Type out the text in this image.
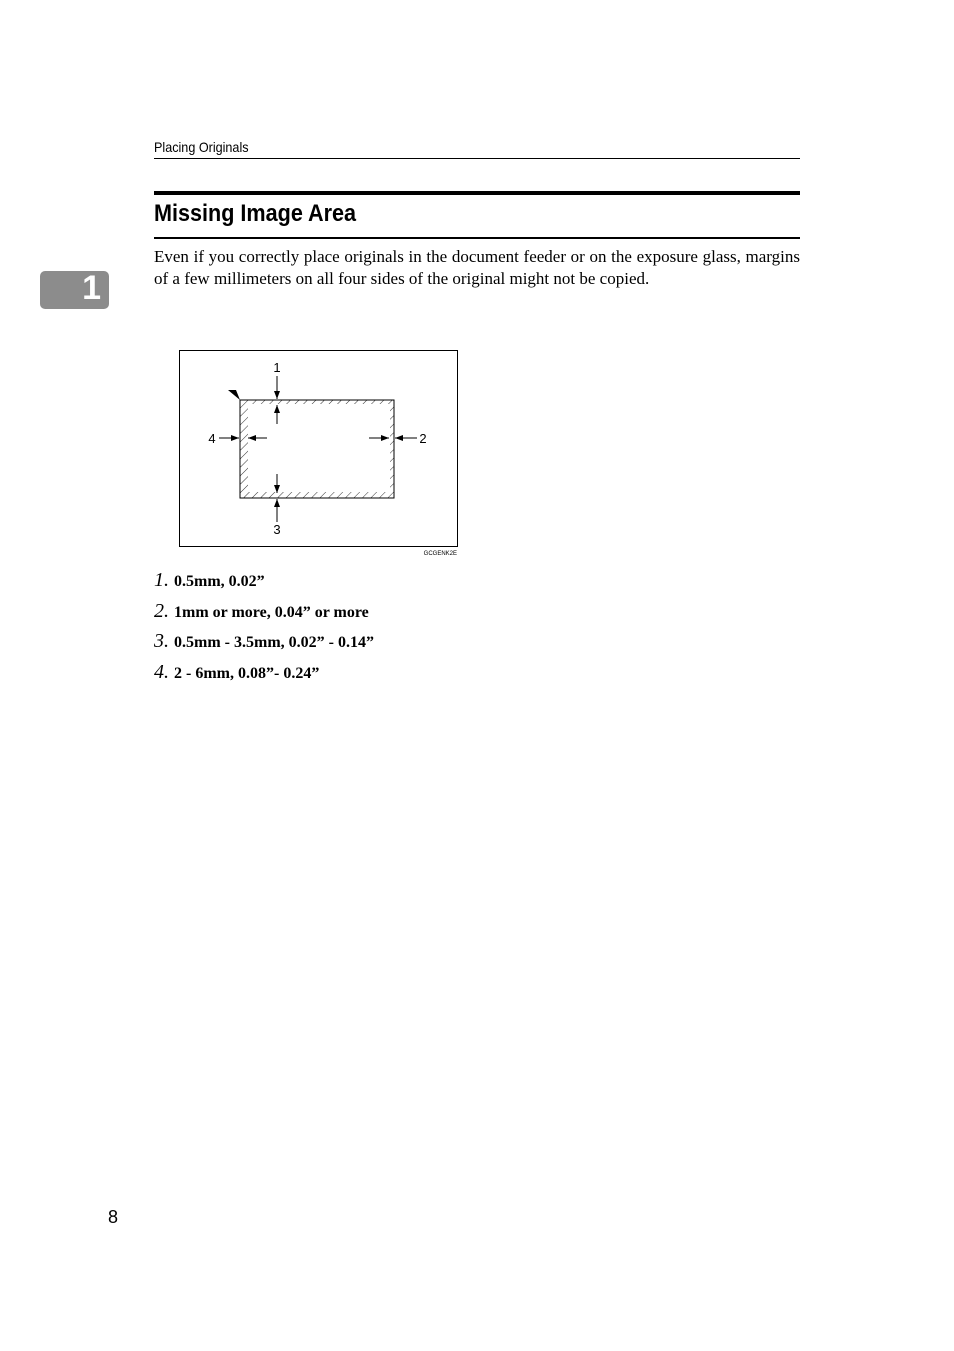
Placing Originals
Missing Image Area
1

Even if you correctly place originals in the document feeder or on the exposure glass, margins of a few millimeters on all four sides of the original might not be copied.

1
2
3
4
GCGENK2E
1. 0.5mm, 0.02”
2. 1mm or more, 0.04” or more
3. 0.5mm - 3.5mm, 0.02” - 0.14”
4. 2 - 6mm, 0.08”- 0.24”
8
